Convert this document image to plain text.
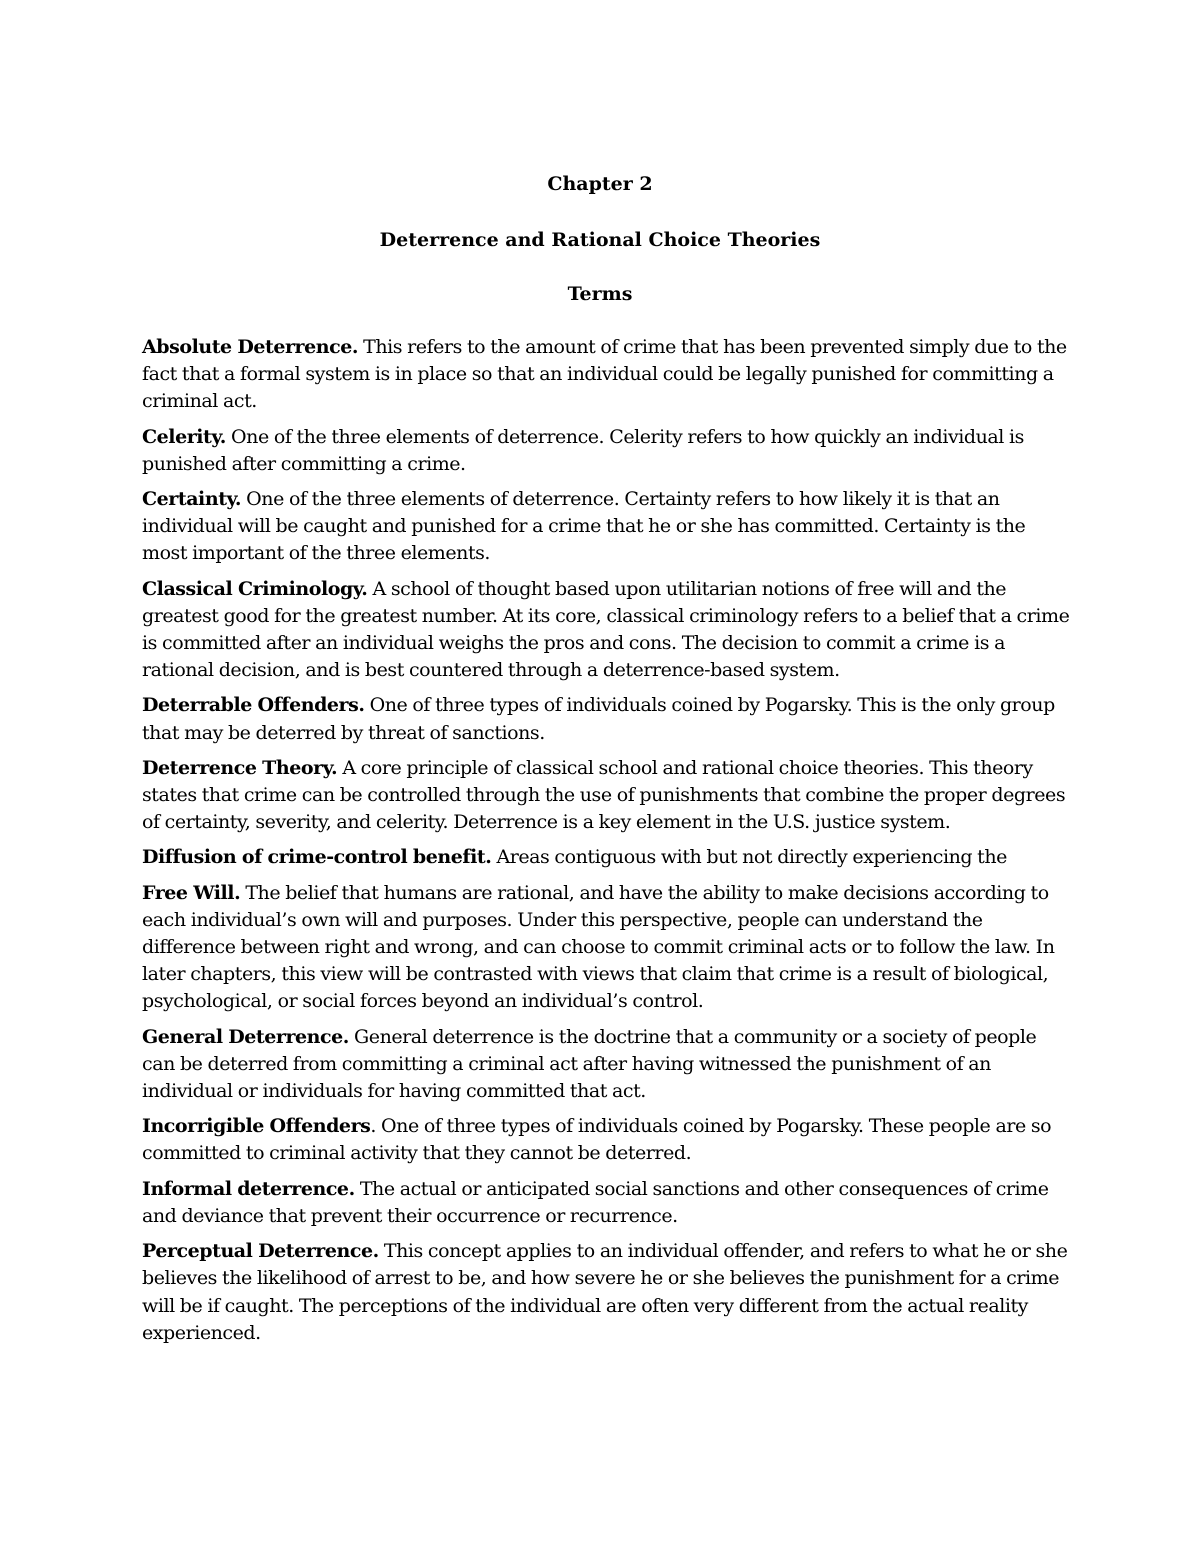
Chapter 2
Deterrence and Rational Choice Theories
Terms

Absolute Deterrence. This refers to the amount of crime that has been prevented simply due to the fact that a formal system is in place so that an individual could be legally punished for committing a criminal act.

Celerity. One of the three elements of deterrence. Celerity refers to how quickly an individual is punished after committing a crime.

Certainty. One of the three elements of deterrence. Certainty refers to how likely it is that an individual will be caught and punished for a crime that he or she has committed. Certainty is the most important of the three elements.

Classical Criminology. A school of thought based upon utilitarian notions of free will and the greatest good for the greatest number. At its core, classical criminology refers to a belief that a crime is committed after an individual weighs the pros and cons. The decision to commit a crime is a rational decision, and is best countered through a deterrence-based system.

Deterrable Offenders. One of three types of individuals coined by Pogarsky. This is the only group that may be deterred by threat of sanctions.

Deterrence Theory. A core principle of classical school and rational choice theories. This theory states that crime can be controlled through the use of punishments that combine the proper degrees of certainty, severity, and celerity. Deterrence is a key element in the U.S. justice system.

Diffusion of crime-control benefit. Areas contiguous with but not directly experiencing the

Free Will. The belief that humans are rational, and have the ability to make decisions according to each individual’s own will and purposes. Under this perspective, people can understand the difference between right and wrong, and can choose to commit criminal acts or to follow the law. In later chapters, this view will be contrasted with views that claim that crime is a result of biological, psychological, or social forces beyond an individual’s control.

General Deterrence. General deterrence is the doctrine that a community or a society of people can be deterred from committing a criminal act after having witnessed the punishment of an individual or individuals for having committed that act.

Incorrigible Offenders. One of three types of individuals coined by Pogarsky. These people are so committed to criminal activity that they cannot be deterred.

Informal deterrence. The actual or anticipated social sanctions and other consequences of crime and deviance that prevent their occurrence or recurrence.

Perceptual Deterrence. This concept applies to an individual offender, and refers to what he or she believes the likelihood of arrest to be, and how severe he or she believes the punishment for a crime will be if caught. The perceptions of the individual are often very different from the actual reality experienced.
